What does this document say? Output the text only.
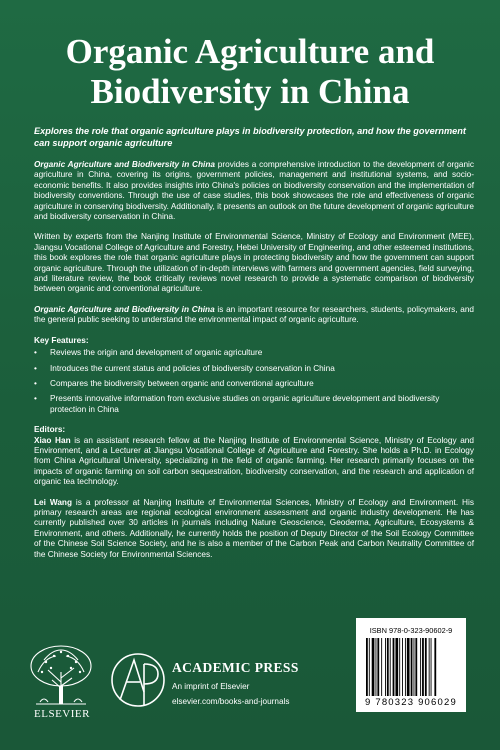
Organic Agriculture and
Biodiversity in China

Explores the role that organic agriculture plays in biodiversity protection, and how the government can support organic agriculture

Organic Agriculture and Biodiversity in China provides a comprehensive introduction to the development of organic agriculture in China, covering its origins, government policies, management and institutional systems, and socio-economic benefits. It also provides insights into China's policies on biodiversity conservation and the implementation of biodiversity conventions. Through the use of case studies, this book showcases the role and effectiveness of organic agriculture in conserving biodiversity. Additionally, it presents an outlook on the future development of organic agriculture and biodiversity conservation in China.

Written by experts from the Nanjing Institute of Environmental Science, Ministry of Ecology and Environment (MEE), Jiangsu Vocational College of Agriculture and Forestry, Hebei University of Engineering, and other esteemed institutions, this book explores the role that organic agriculture plays in protecting biodiversity and how the government can support organic agriculture. Through the utilization of in-depth interviews with farmers and government agencies, field surveying, and literature review, the book critically reviews novel research to provide a systematic comparison of biodiversity between organic and conventional agriculture.

Organic Agriculture and Biodiversity in China is an important resource for researchers, students, policymakers, and the general public seeking to understand the environmental impact of organic agriculture.

Key Features:
• Reviews the origin and development of organic agriculture
• Introduces the current status and policies of biodiversity conservation in China
• Compares the biodiversity between organic and conventional agriculture
• Presents innovative information from exclusive studies on organic agriculture development and biodiversity protection in China
Editors:

Xiao Han is an assistant research fellow at the Nanjing Institute of Environmental Science, Ministry of Ecology and Environment, and a Lecturer at Jiangsu Vocational College of Agriculture and Forestry. She holds a Ph.D. in Ecology from China Agricultural University, specializing in the field of organic farming. Her research primarily focuses on the impacts of organic farming on soil carbon sequestration, biodiversity conservation, and the research and application of organic tea technology.

Lei Wang is a professor at Nanjing Institute of Environmental Sciences, Ministry of Ecology and Environment. His primary research areas are regional ecological environment assessment and organic industry development. He has currently published over 30 articles in journals including Nature Geoscience, Geoderma, Agriculture, Ecosystems & Environment, and others. Additionally, he currently holds the position of Deputy Director of the Soil Ecology Committee of the Chinese Soil Science Society, and he is also a member of the Carbon Peak and Carbon Neutrality Committee of the Chinese Society for Environmental Sciences.

ELSEVIER
ACADEMIC PRESS
An imprint of Elsevier
elsevier.com/books-and-journals
ISBN 978-0-323-90602-9
9 780323 906029
